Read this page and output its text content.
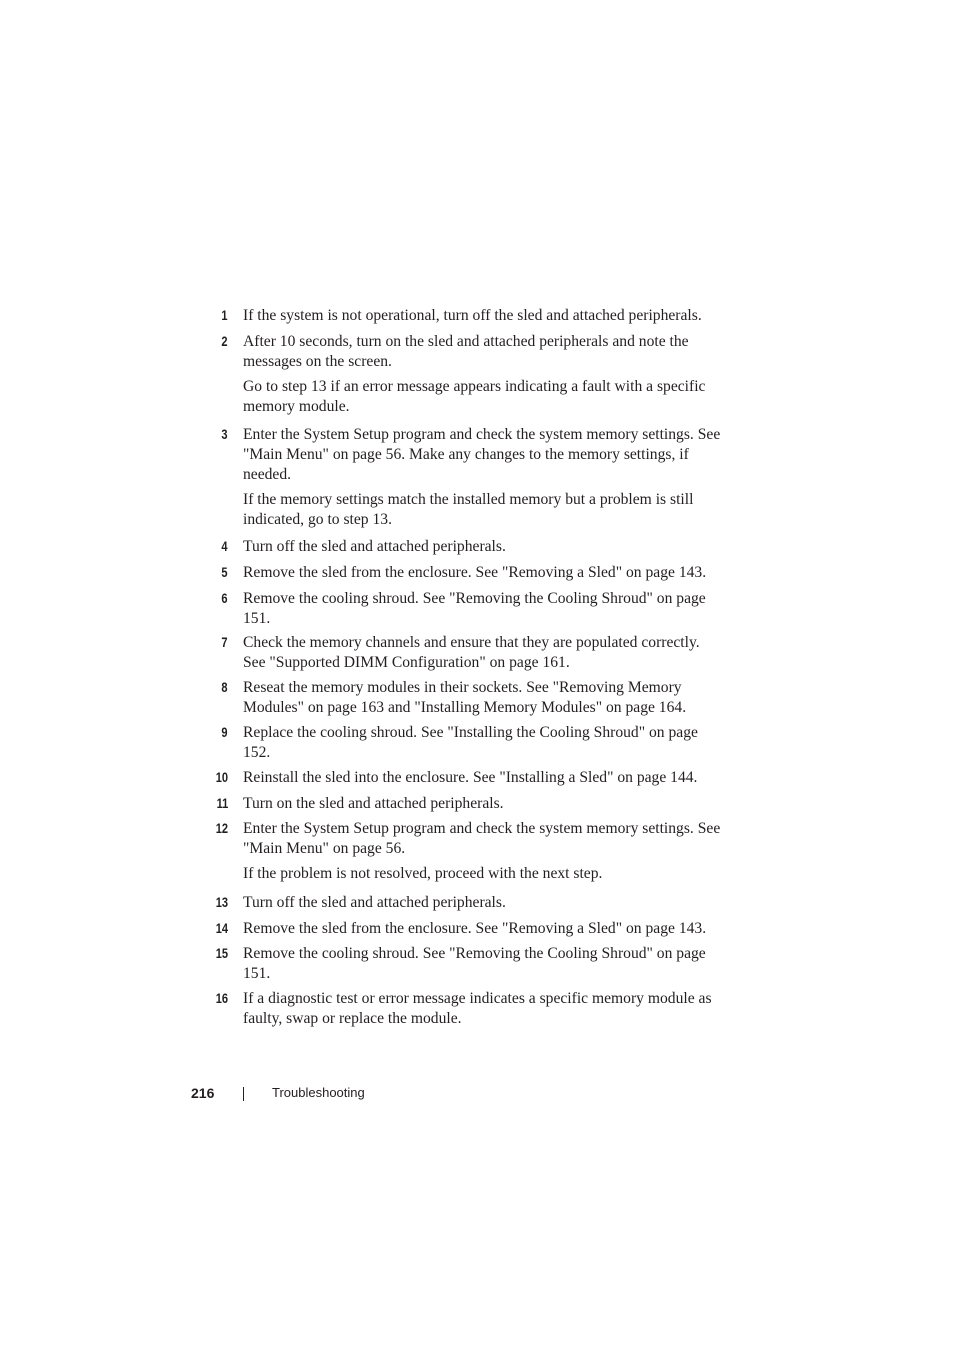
1 If the system is not operational, turn off the sled and attached peripherals.

2 After 10 seconds, turn on the sled and attached peripherals and note the messages on the screen.

Go to step 13 if an error message appears indicating a fault with a specific memory module.

3 Enter the System Setup program and check the system memory settings. See "Main Menu" on page 56. Make any changes to the memory settings, if needed.

If the memory settings match the installed memory but a problem is still indicated, go to step 13.

4 Turn off the sled and attached peripherals.

5 Remove the sled from the enclosure. See "Removing a Sled" on page 143.

6 Remove the cooling shroud. See "Removing the Cooling Shroud" on page 151.

7 Check the memory channels and ensure that they are populated correctly. See "Supported DIMM Configuration" on page 161.

8 Reseat the memory modules in their sockets. See "Removing Memory Modules" on page 163 and "Installing Memory Modules" on page 164.

9 Replace the cooling shroud. See "Installing the Cooling Shroud" on page 152.

10 Reinstall the sled into the enclosure. See "Installing a Sled" on page 144.

11 Turn on the sled and attached peripherals.

12 Enter the System Setup program and check the system memory settings. See "Main Menu" on page 56.

If the problem is not resolved, proceed with the next step.

13 Turn off the sled and attached peripherals.

14 Remove the sled from the enclosure. See "Removing a Sled" on page 143.

15 Remove the cooling shroud. See "Removing the Cooling Shroud" on page 151.

16 If a diagnostic test or error message indicates a specific memory module as faulty, swap or replace the module.

216	Troubleshooting
